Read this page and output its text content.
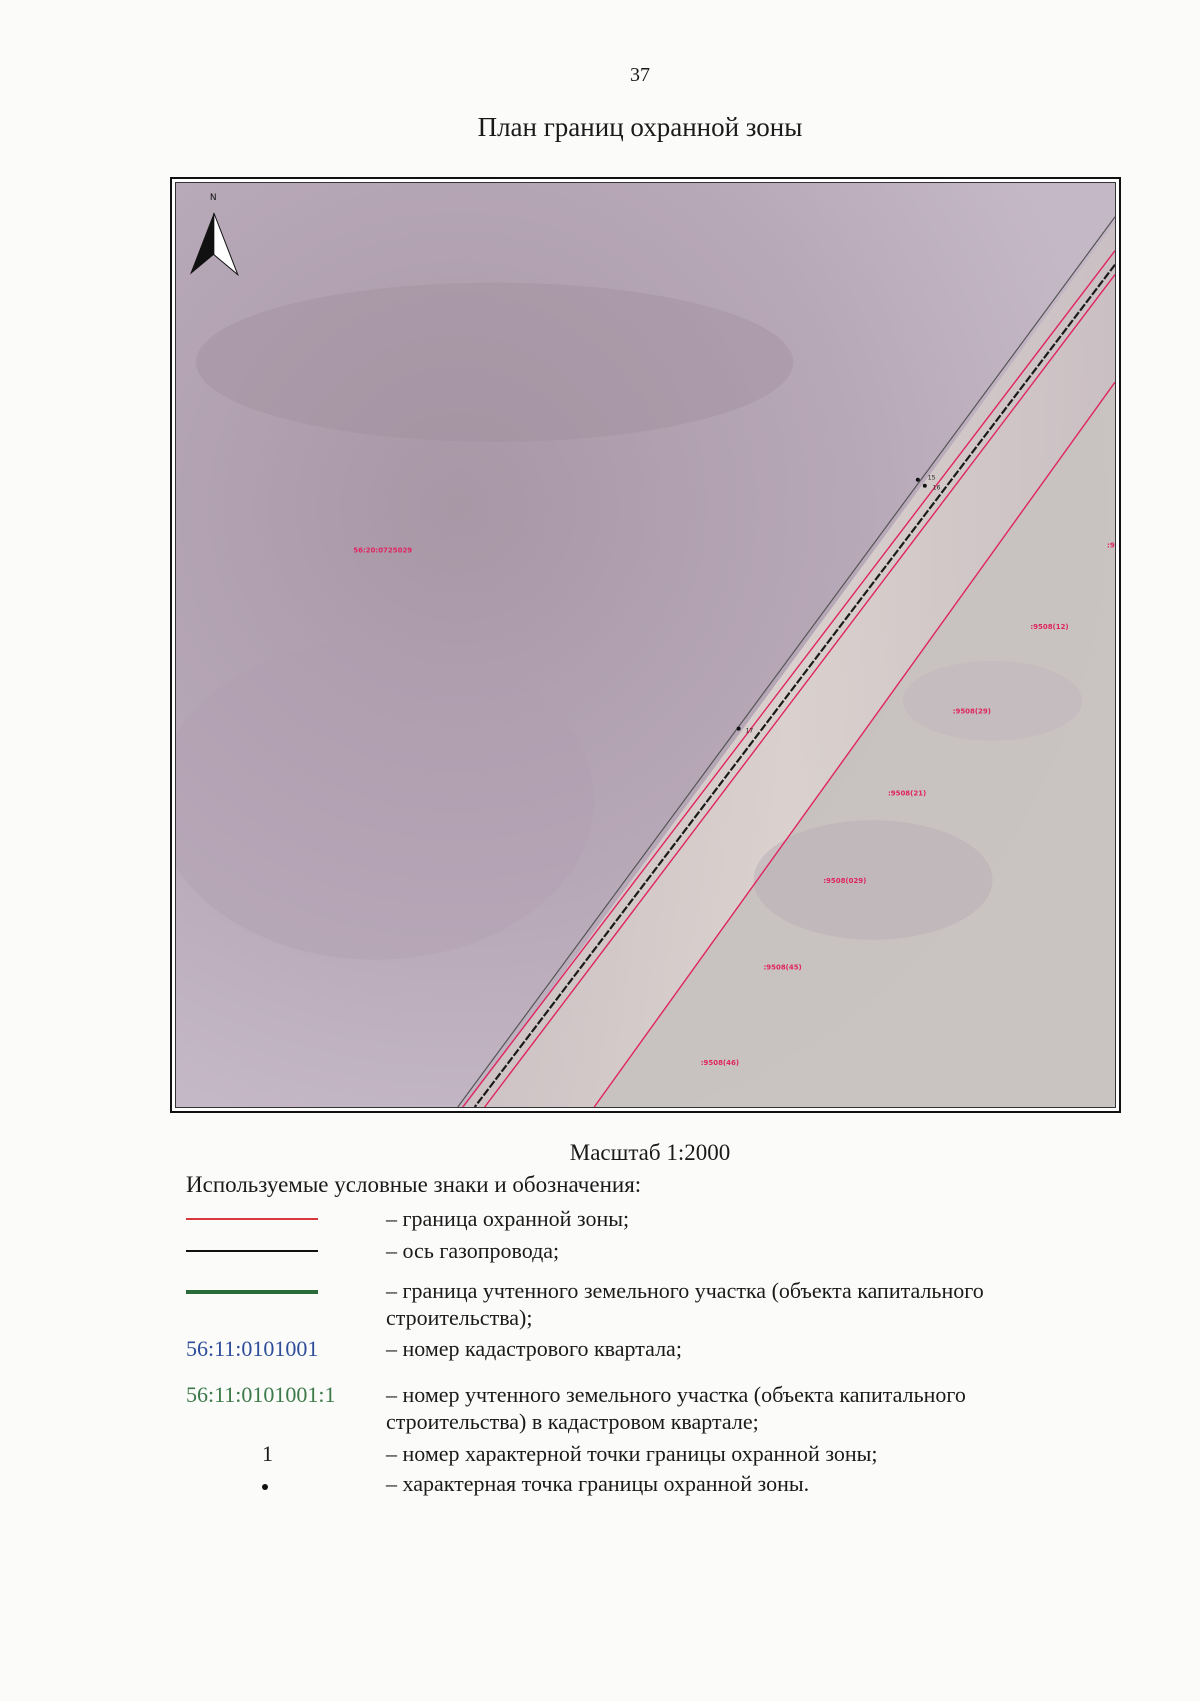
37
План границ охранной зоны
15
16
17
56:20:0725029
:9
:9508(12)
:9508(29)
:9508(21)
:9508(029)
:9508(45)
:9508(46)
N
Масштаб 1:2000
Используемые условные знаки и обозначения:
– граница охранной зоны;
– ось газопровода;
– граница учтенного земельного участка (объекта капитального строительства);
56:11:0101001	– номер кадастрового квартала;
56:11:0101001:1 – номер учтенного земельного участка (объекта капитального строительства) в кадастровом квартале;
1	– номер характерной точки границы охранной зоны;
– характерная точка границы охранной зоны.
